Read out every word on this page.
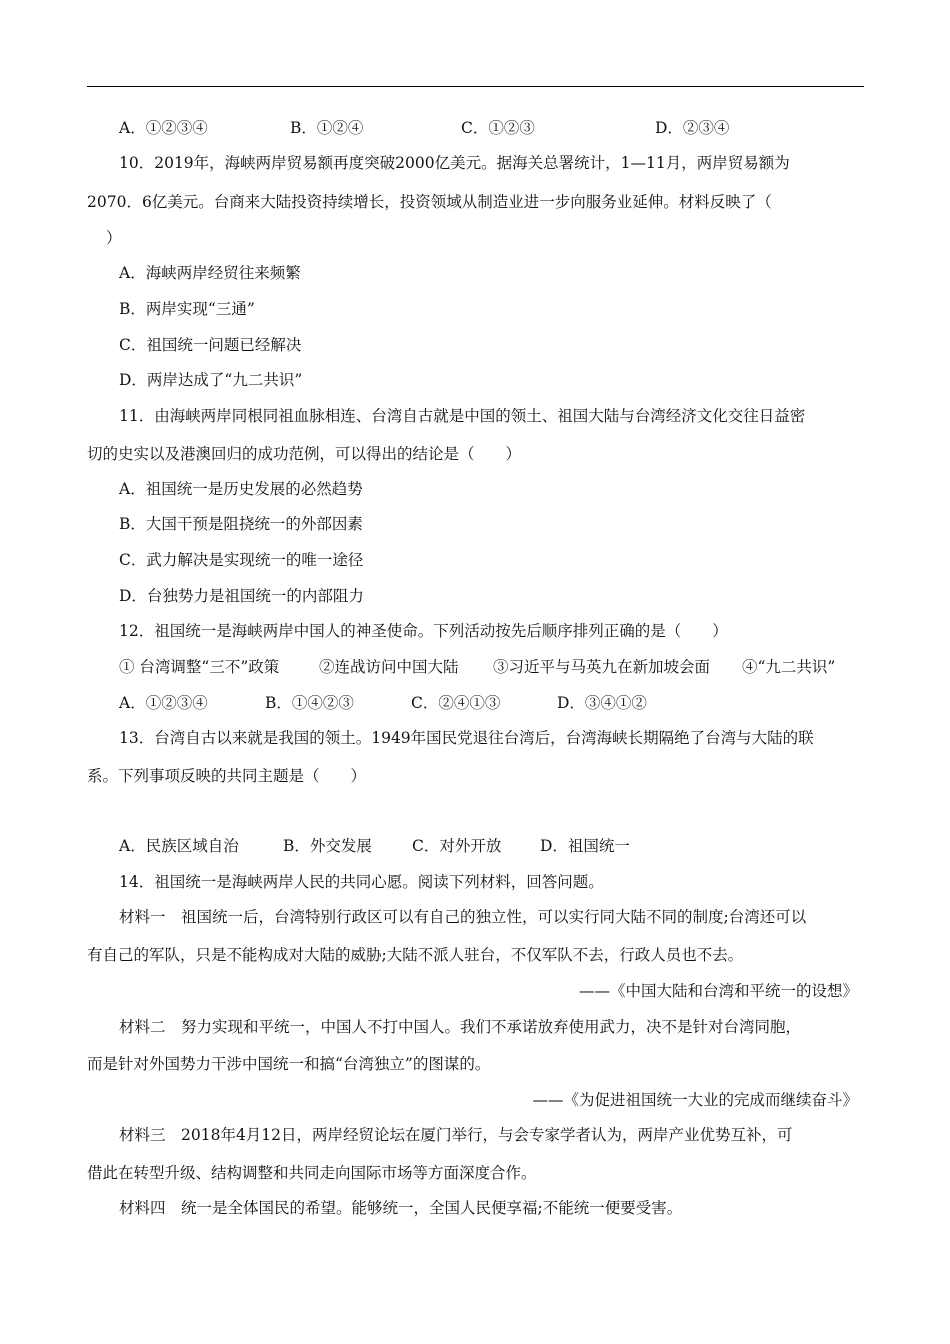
A．①②③④	B．①②④	C．①②③	D．②③④
10．2019年，海峡两岸贸易额再度突破2000亿美元。据海关总署统计，1—11月，两岸贸易额为
2070．6亿美元。台商来大陆投资持续增长，投资领域从制造业进一步向服务业延伸。材料反映了（
）
A．海峡两岸经贸往来频繁
B．两岸实现“三通”
C．祖国统一问题已经解决
D．两岸达成了“九二共识”
11．由海峡两岸同根同祖血脉相连、台湾自古就是中国的领土、祖国大陆与台湾经济文化交往日益密
切的史实以及港澳回归的成功范例，可以得出的结论是（　　）
A．祖国统一是历史发展的必然趋势
B．大国干预是阻挠统一的外部因素
C．武力解决是实现统一的唯一途径
D．台独势力是祖国统一的内部阻力
12．祖国统一是海峡两岸中国人的神圣使命。下列活动按先后顺序排列正确的是（　　）
① 台湾调整“三不”政策	②连战访问中国大陆 ③习近平与马英九在新加坡会面 ④“九二共识”
A．①②③④	B．①④②③	C．②④①③	D．③④①②
13．台湾自古以来就是我国的领土。1949年国民党退往台湾后，台湾海峡长期隔绝了台湾与大陆的联
系。下列事项反映的共同主题是（　　）
A．民族区域自治	B．外交发展	C．对外开放 D．祖国统一
14．祖国统一是海峡两岸人民的共同心愿。阅读下列材料，回答问题。
材料一　祖国统一后，台湾特别行政区可以有自己的独立性，可以实行同大陆不同的制度;台湾还可以
有自己的军队，只是不能构成对大陆的威胁;大陆不派人驻台，不仅军队不去，行政人员也不去。
——《中国大陆和台湾和平统一的设想》
材料二　努力实现和平统一，中国人不打中国人。我们不承诺放弃使用武力，决不是针对台湾同胞，
而是针对外国势力干涉中国统一和搞“台湾独立”的图谋的。
——《为促进祖国统一大业的完成而继续奋斗》
材料三　2018年4月12日，两岸经贸论坛在厦门举行，与会专家学者认为，两岸产业优势互补，可
借此在转型升级、结构调整和共同走向国际市场等方面深度合作。
材料四　统一是全体国民的希望。能够统一，全国人民便享福;不能统一便要受害。
